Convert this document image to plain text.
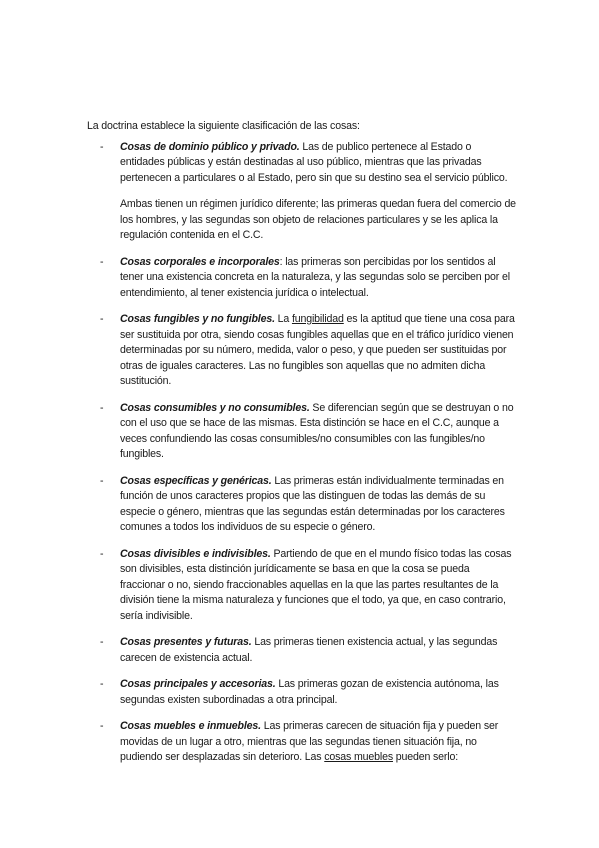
La doctrina establece la siguiente clasificación de las cosas:

- Cosas de dominio público y privado. Las de publico pertenece al Estado o entidades públicas y están destinadas al uso público, mientras que las privadas pertenecen a particulares o al Estado, pero sin que su destino sea el servicio público.

Ambas tienen un régimen jurídico diferente; las primeras quedan fuera del comercio de los hombres, y las segundas son objeto de relaciones particulares y se les aplica la regulación contenida en el C.C.

- Cosas corporales e incorporales: las primeras son percibidas por los sentidos al tener una existencia concreta en la naturaleza, y las segundas solo se perciben por el entendimiento, al tener existencia jurídica o intelectual.

- Cosas fungibles y no fungibles. La fungibilidad es la aptitud que tiene una cosa para ser sustituida por otra, siendo cosas fungibles aquellas que en el tráfico jurídico vienen determinadas por su número, medida, valor o peso, y que pueden ser sustituidas por otras de iguales caracteres. Las no fungibles son aquellas que no admiten dicha sustitución.

- Cosas consumibles y no consumibles. Se diferencian según que se destruyan o no con el uso que se hace de las mismas. Esta distinción se hace en el C.C, aunque a veces confundiendo las cosas consumibles/no consumibles con las fungibles/no fungibles.

- Cosas específicas y genéricas. Las primeras están individualmente terminadas en función de unos caracteres propios que las distinguen de todas las demás de su especie o género, mientras que las segundas están determinadas por los caracteres comunes a todos los individuos de su especie o género.

- Cosas divisibles e indivisibles. Partiendo de que en el mundo físico todas las cosas son divisibles, esta distinción jurídicamente se basa en que la cosa se pueda fraccionar o no, siendo fraccionables aquellas en la que las partes resultantes de la división tiene la misma naturaleza y funciones que el todo, ya que, en caso contrario, sería indivisible.

- Cosas presentes y futuras. Las primeras tienen existencia actual, y las segundas carecen de existencia actual.

- Cosas principales y accesorias. Las primeras gozan de existencia autónoma, las segundas existen subordinadas a otra principal.

- Cosas muebles e inmuebles. Las primeras carecen de situación fija y pueden ser movidas de un lugar a otro, mientras que las segundas tienen situación fija, no pudiendo ser desplazadas sin deterioro. Las cosas muebles pueden serlo:
